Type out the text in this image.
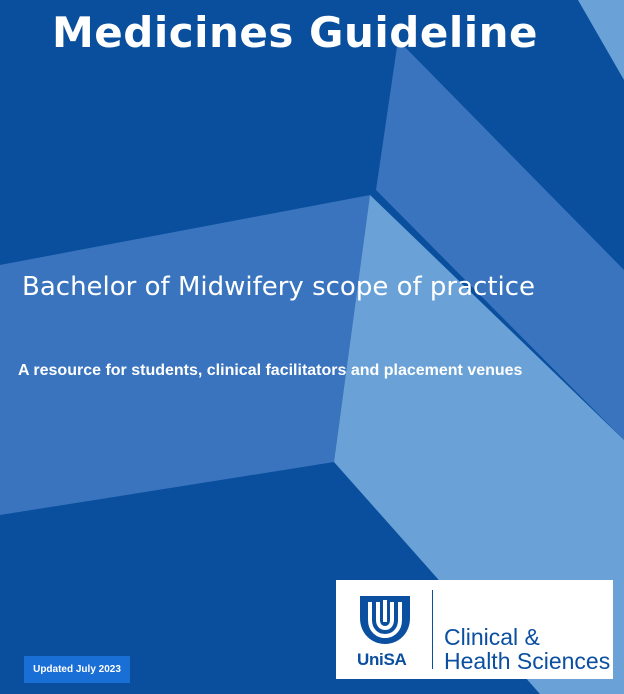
Medicines Guideline
Bachelor of Midwifery scope of practice
A resource for students, clinical facilitators and placement venues
Updated July 2023
UniSA
Clinical &
Health Sciences
